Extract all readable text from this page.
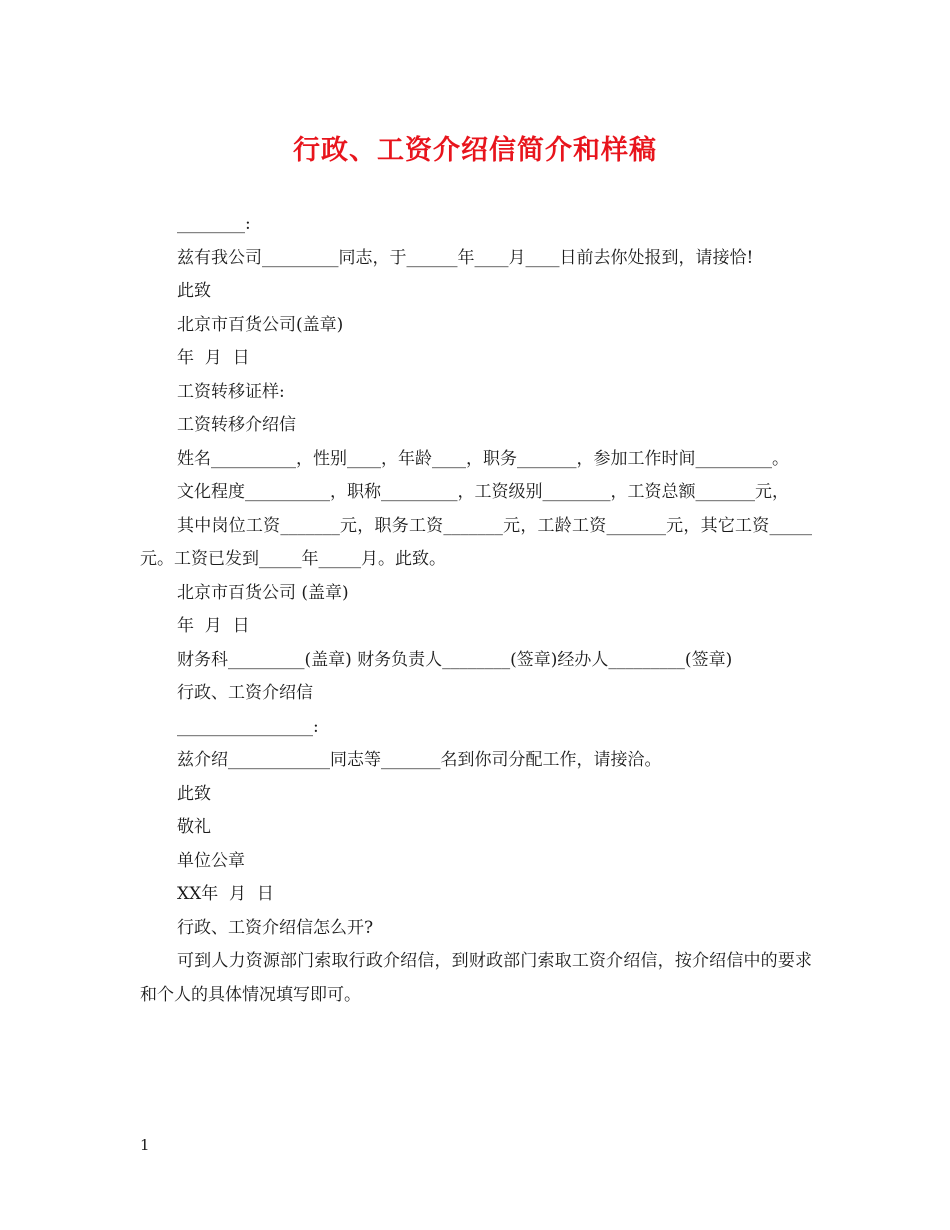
行政、工资介绍信简介和样稿

________:

兹有我公司_________同志，于______年____月____日前去你处报到，请接恰!

此致

北京市百货公司(盖章)

年  月  日

工资转移证样:

工资转移介绍信

姓名__________，性别____，年龄____，职务_______，参加工作时间_________。

文化程度__________，职称_________，工资级别________，工资总额_______元，

其中岗位工资_______元，职务工资_______元，工龄工资_______元，其它工资_____元。工资已发到_____年_____月。此致。

北京市百货公司 (盖章)

年  月  日

财务科_________(盖章) 财务负责人________(签章)经办人_________(签章)

行政、工资介绍信

________________:

兹介绍____________同志等_______名到你司分配工作，请接洽。

此致

敬礼

单位公章

XX年  月  日

行政、工资介绍信怎么开?

可到人力资源部门索取行政介绍信，到财政部门索取工资介绍信，按介绍信中的要求和个人的具体情况填写即可。

1
